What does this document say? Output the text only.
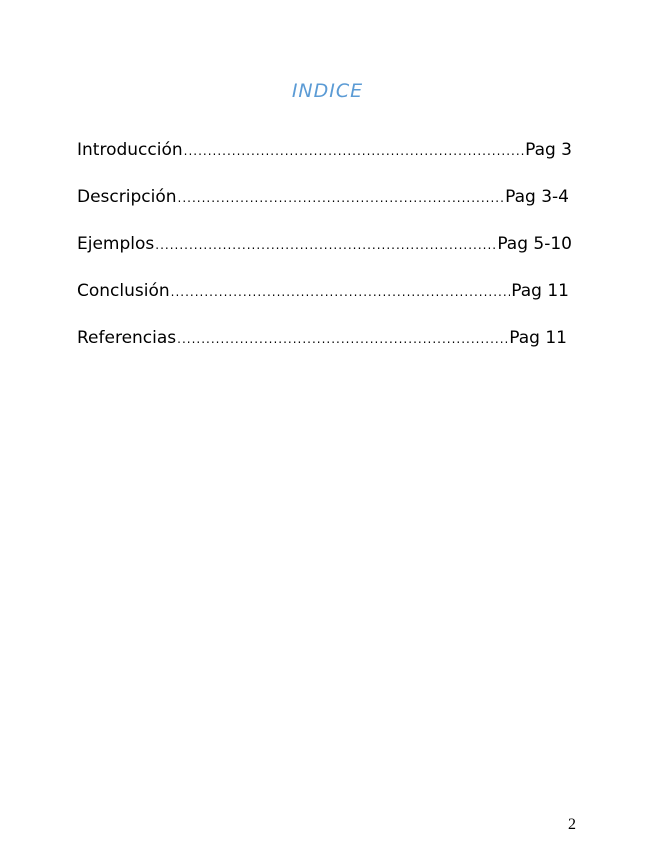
INDICE
Introducción .....	Pag 3
Descripción .....	Pag 3-4
Ejemplos .....	Pag 5-10
Conclusión .....	Pag 11
Referencias .....	Pag 11
2
